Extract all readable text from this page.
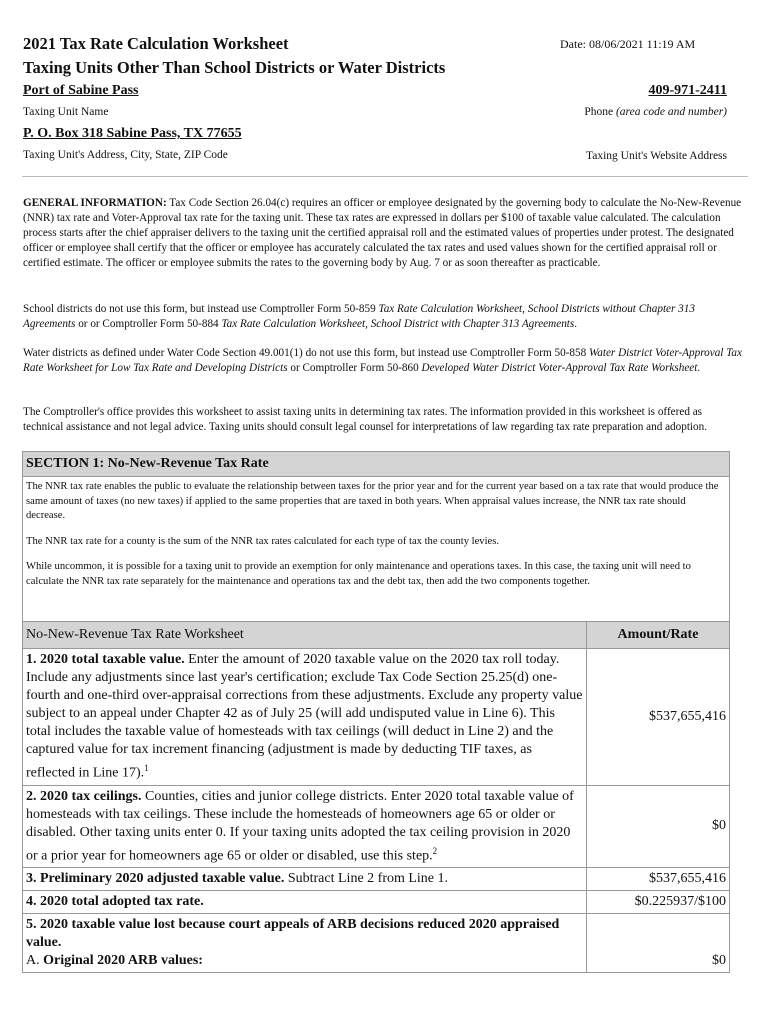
2021 Tax Rate Calculation Worksheet
Taxing Units Other Than School Districts or Water Districts
Date: 08/06/2021 11:19 AM
Port of Sabine Pass	409-971-2411
Taxing Unit Name	Phone (area code and number)
P. O. Box 318 Sabine Pass, TX 77655
Taxing Unit's Address, City, State, ZIP Code	Taxing Unit's Website Address
GENERAL INFORMATION: Tax Code Section 26.04(c) requires an officer or employee designated by the governing body to calculate the No-New-Revenue (NNR) tax rate and Voter-Approval tax rate for the taxing unit. These tax rates are expressed in dollars per $100 of taxable value calculated. The calculation process starts after the chief appraiser delivers to the taxing unit the certified appraisal roll and the estimated values of properties under protest. The designated officer or employee shall certify that the officer or employee has accurately calculated the tax rates and used values shown for the certified appraisal roll or certified estimate. The officer or employee submits the rates to the governing body by Aug. 7 or as soon thereafter as practicable.
School districts do not use this form, but instead use Comptroller Form 50-859 Tax Rate Calculation Worksheet, School Districts without Chapter 313 Agreements or or Comptroller Form 50-884 Tax Rate Calculation Worksheet, School District with Chapter 313 Agreements.
Water districts as defined under Water Code Section 49.001(1) do not use this form, but instead use Comptroller Form 50-858 Water District Voter-Approval Tax Rate Worksheet for Low Tax Rate and Developing Districts or Comptroller Form 50-860 Developed Water District Voter-Approval Tax Rate Worksheet.
The Comptroller's office provides this worksheet to assist taxing units in determining tax rates. The information provided in this worksheet is offered as technical assistance and not legal advice. Taxing units should consult legal counsel for interpretations of law regarding tax rate preparation and adoption.
SECTION 1: No-New-Revenue Tax Rate

The NNR tax rate enables the public to evaluate the relationship between taxes for the prior year and for the current year based on a tax rate that would produce the same amount of taxes (no new taxes) if applied to the same properties that are taxed in both years. When appraisal values increase, the NNR tax rate should decrease.

The NNR tax rate for a county is the sum of the NNR tax rates calculated for each type of tax the county levies.

While uncommon, it is possible for a taxing unit to provide an exemption for only maintenance and operations taxes. In this case, the taxing unit will need to calculate the NNR tax rate separately for the maintenance and operations tax and the debt tax, then add the two components together.

No-New-Revenue Tax Rate Worksheet	Amount/Rate
1. 2020 total taxable value. Enter the amount of 2020 taxable value on the 2020 tax roll today. Include any adjustments since last year's certification; exclude Tax Code Section 25.25(d) one-fourth and one-third over-appraisal corrections from these adjustments. Exclude any property value subject to an appeal under Chapter 42 as of July 25 (will add undisputed value in Line 6). This total includes the taxable value of homesteads with tax ceilings (will deduct in Line 2) and the captured value for tax increment financing (adjustment is made by deducting TIF taxes, as reflected in Line 17).$^1$	$537,655,416
2. 2020 tax ceilings. Counties, cities and junior college districts. Enter 2020 total taxable value of homesteads with tax ceilings. These include the homesteads of homeowners age 65 or older or disabled. Other taxing units enter 0. If your taxing units adopted the tax ceiling provision in 2020 or a prior year for homeowners age 65 or older or disabled, use this step.$^2$	$0
3. Preliminary 2020 adjusted taxable value. Subtract Line 2 from Line 1.	$537,655,416
4. 2020 total adopted tax rate.	$0.225937/$100
5. 2020 taxable value lost because court appeals of ARB decisions reduced 2020 appraised value.
A. Original 2020 ARB values:	$0
